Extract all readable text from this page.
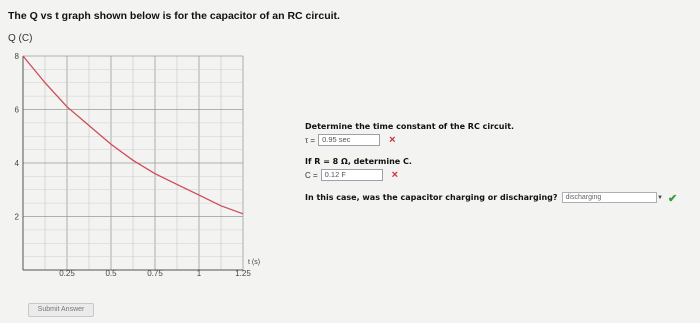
The Q vs t graph shown below is for the capacitor of an RC circuit.
Q (C)
2
4
6
8
0.25	0.5	0.75	1	1.25
t (s)
Determine the time constant of the RC circuit.
τ = 0.95 sec	×
If R = 8 Ω, determine C.
C = 0.12 F	×
In this case, was the capacitor charging or discharging?	discharging	▼ ✔
Submit Answer
